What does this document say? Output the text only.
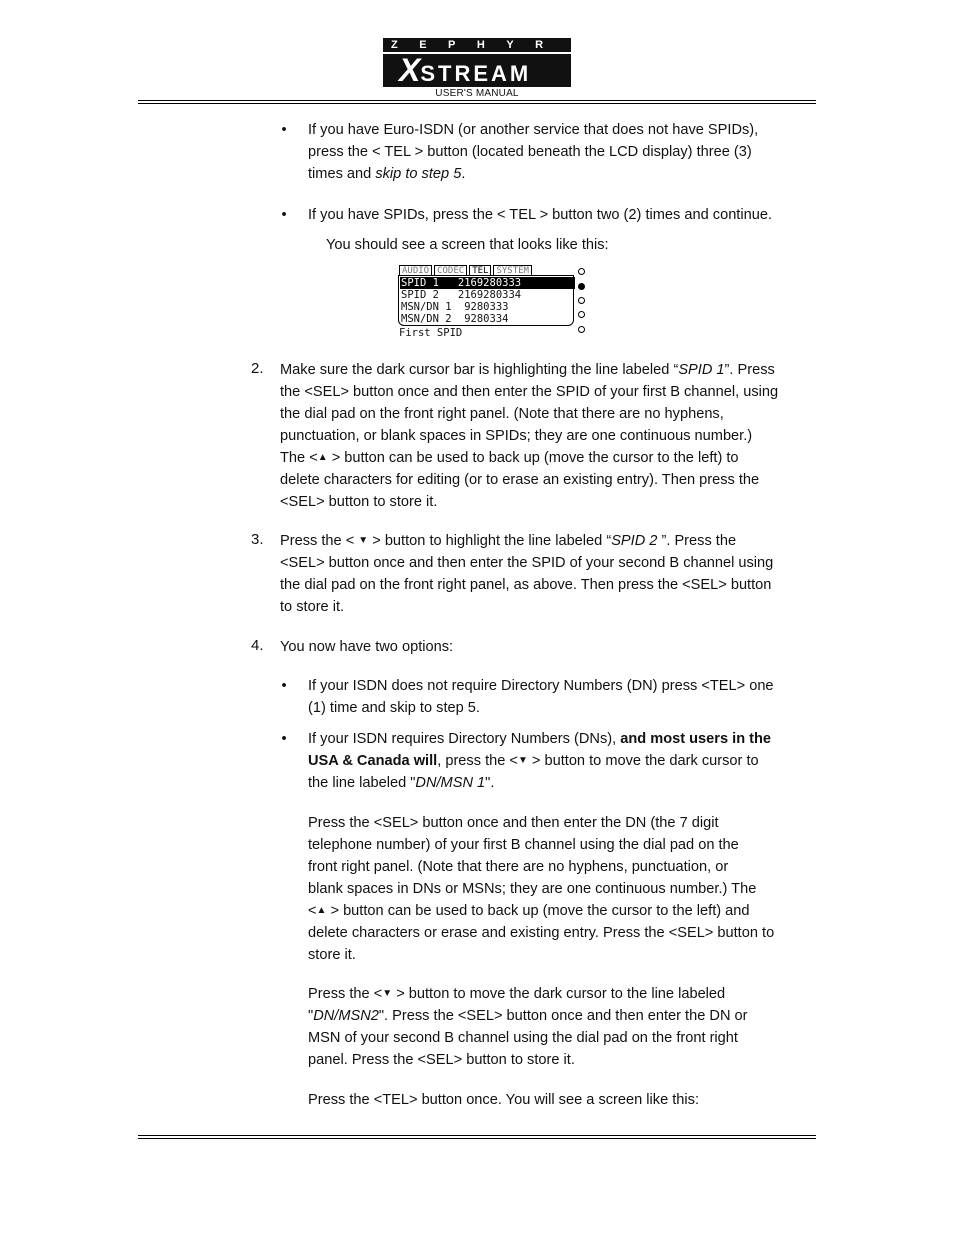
ZEPHYR
XSTREAM
USER'S MANUAL
• If you have Euro-ISDN (or another service that does not have SPIDs),
press the < TEL > button (located beneath the LCD display) three (3)
times and skip to step 5.
• If you have SPIDs, press the < TEL > button two (2) times and continue.
You should see a screen that looks like this:
AUDIO CODEC TEL SYSTEM
SPID 1   2169280333
SPID 2   2169280334
MSN/DN 1  9280333
MSN/DN 2  9280334
First SPID
2. Make sure the dark cursor bar is highlighting the line labeled “SPID 1”. Press
the <SEL> button once and then enter the SPID of your first B channel, using
the dial pad on the front right panel. (Note that there are no hyphens,
punctuation, or blank spaces in SPIDs; they are one continuous number.)
The <▲ > button can be used to back up (move the cursor to the left) to
delete characters for editing (or to erase an existing entry). Then press the
<SEL> button to store it.
3. Press the < ▼ > button to highlight the line labeled “SPID 2 ”. Press the
<SEL> button once and then enter the SPID of your second B channel using
the dial pad on the front right panel, as above. Then press the <SEL> button
to store it.
4. You now have two options:
• If your ISDN does not require Directory Numbers (DN) press <TEL> one
(1) time and skip to step 5.
• If your ISDN requires Directory Numbers (DNs), and most users in the
USA & Canada will, press the <▼ > button to move the dark cursor to
the line labeled "DN/MSN 1".
Press the <SEL> button once and then enter the DN (the 7 digit
telephone number) of your first B channel using the dial pad on the
front right panel. (Note that there are no hyphens, punctuation, or
blank spaces in DNs or MSNs; they are one continuous number.) The
<▲ > button can be used to back up (move the cursor to the left) and
delete characters or erase and existing entry. Press the <SEL> button to
store it.
Press the <▼ > button to move the dark cursor to the line labeled
"DN/MSN2". Press the <SEL> button once and then enter the DN or
MSN of your second B channel using the dial pad on the front right
panel. Press the <SEL> button to store it.
Press the <TEL> button once. You will see a screen like this:
